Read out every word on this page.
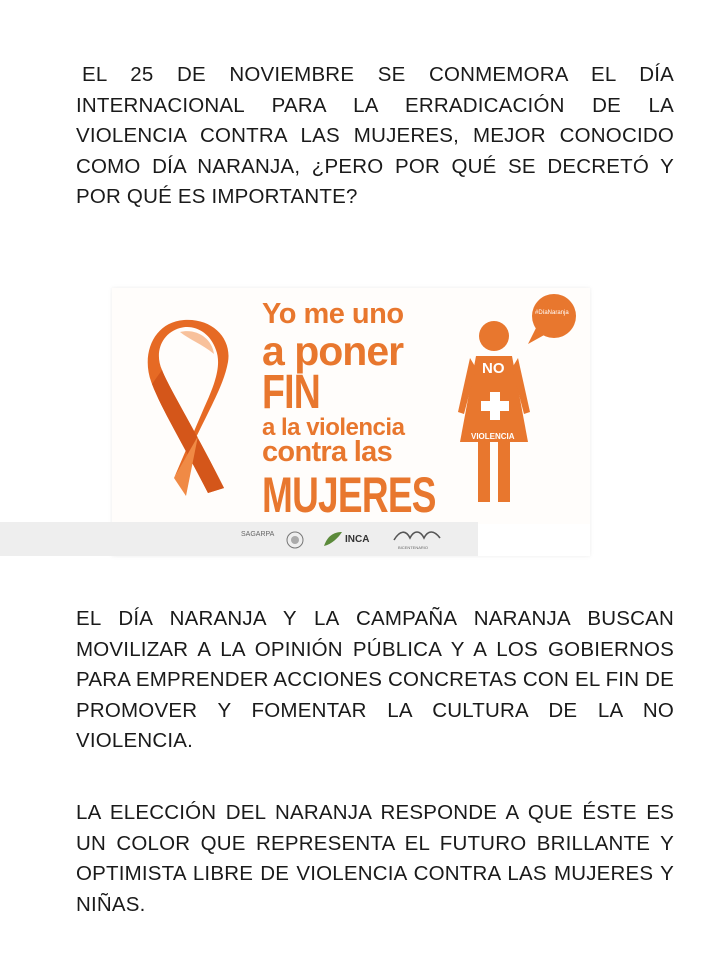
EL 25 DE NOVIEMBRE SE CONMEMORA EL DÍA INTERNACIONAL PARA LA ERRADICACIÓN DE LA VIOLENCIA CONTRA LAS MUJERES, MEJOR CONOCIDO COMO DÍA NARANJA, ¿PERO POR QUÉ SE DECRETÓ Y POR QUÉ ES IMPORTANTE?

Yo me uno
a poner
FIN
a la violencia
contra las
MUJERES
#DíaNaranja
NO
VIOLENCIA
SAGARPA	INCA
BICENTENARIO

EL DÍA NARANJA Y LA CAMPAÑA NARANJA BUSCAN MOVILIZAR A LA OPINIÓN PÚBLICA Y A LOS GOBIERNOS PARA EMPRENDER ACCIONES CONCRETAS CON EL FIN DE PROMOVER Y FOMENTAR LA CULTURA DE LA NO VIOLENCIA.

LA ELECCIÓN DEL NARANJA RESPONDE A QUE ÉSTE ES UN COLOR QUE REPRESENTA EL FUTURO BRILLANTE Y OPTIMISTA LIBRE DE VIOLENCIA CONTRA LAS MUJERES Y NIÑAS.
